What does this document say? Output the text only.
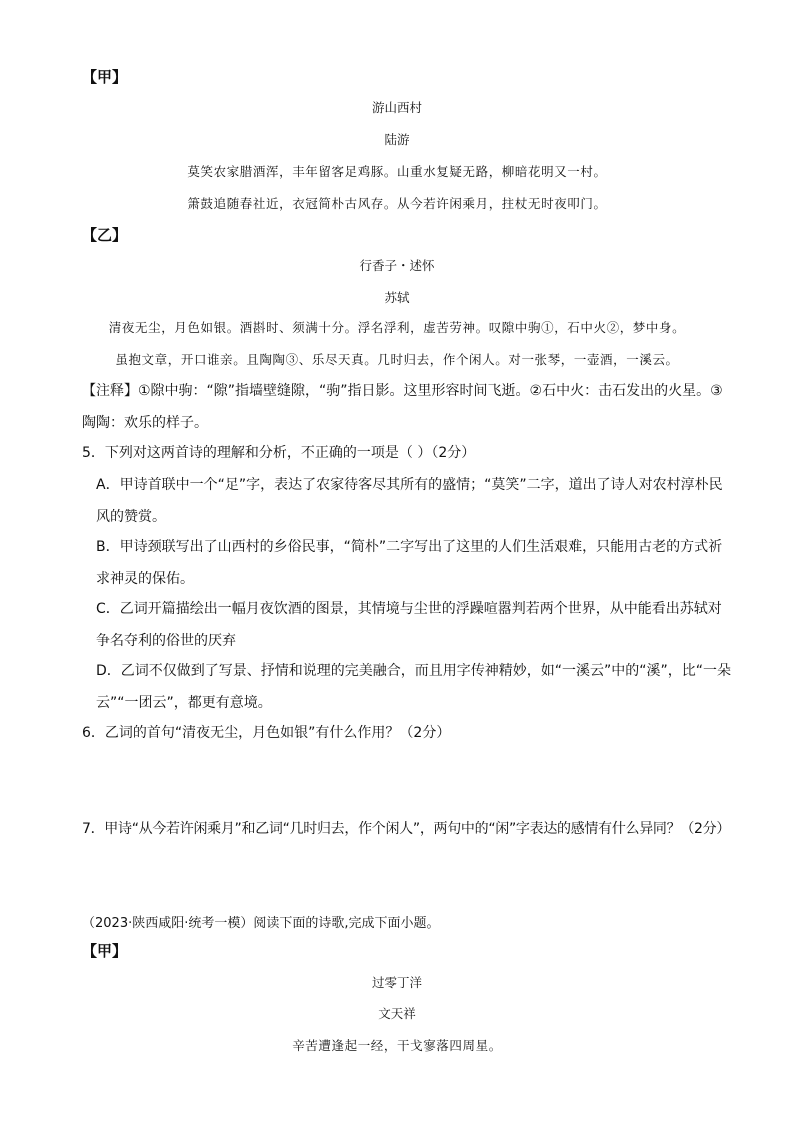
【甲】
游山西村
陆游
莫笑农家腊酒浑，丰年留客足鸡豚。山重水复疑无路，柳暗花明又一村。
箫鼓追随春社近，衣冠简朴古风存。从今若许闲乘月，拄杖无时夜叩门。
【乙】
行香子・述怀
苏轼
清夜无尘，月色如银。酒斟时、须满十分。浮名浮利，虚苦劳神。叹隙中驹①，石中火②，梦中身。
虽抱文章，开口谁亲。且陶陶③、乐尽天真。几时归去，作个闲人。对一张琴，一壶酒，一溪云。
【注释】①隙中驹：“隙”指墙壁缝隙，“驹”指日影。这里形容时间飞逝。②石中火：击石发出的火星。③
陶陶：欢乐的样子。
5．下列对这两首诗的理解和分析，不正确的一项是（ ）（2分）
A．甲诗首联中一个“足”字，表达了农家待客尽其所有的盛情；“莫笑”二字，道出了诗人对农村淳朴民
风的赞赏。
B．甲诗颈联写出了山西村的乡俗民事，“简朴”二字写出了这里的人们生活艰难，只能用古老的方式祈
求神灵的保佑。
C．乙词开篇描绘出一幅月夜饮酒的图景，其情境与尘世的浮躁喧嚣判若两个世界，从中能看出苏轼对
争名夺利的俗世的厌弃
D．乙词不仅做到了写景、抒情和说理的完美融合，而且用字传神精妙，如“一溪云”中的“溪”，比“一朵
云”“一团云”，都更有意境。
6．乙词的首句“清夜无尘，月色如银”有什么作用？（2分）
7．甲诗“从今若许闲乘月”和乙词“几时归去，作个闲人”，两句中的“闲”字表达的感情有什么异同？（2分）
（2023·陕西咸阳·统考一模）阅读下面的诗歌,完成下面小题。
【甲】
过零丁洋
文天祥
辛苦遭逢起一经，干戈寥落四周星。
